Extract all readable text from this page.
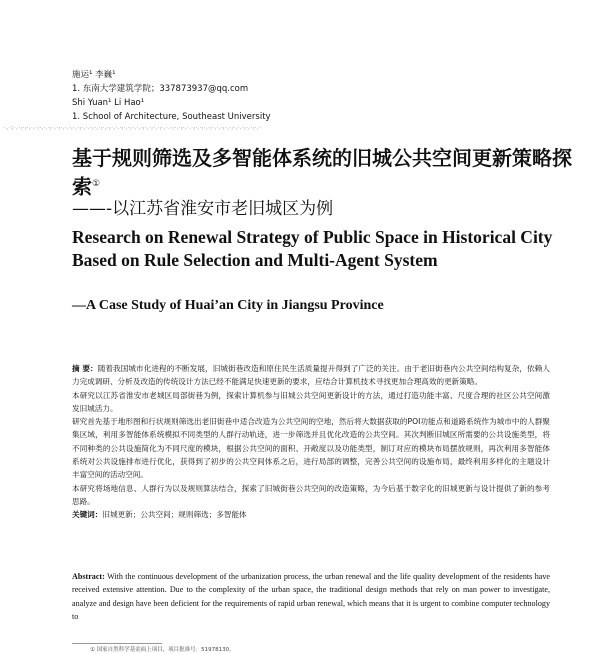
施运¹ 李巍¹
1. 东南大学建筑学院；337873937@qq.com
Shi Yuan¹ Li Hao¹
1. School of Architecture, Southeast University
·、·；·,·;·;·,·.·;·,·,·;·,·;·,·.·;·,·;·,·.·;·,·;·,·;·,·.·;·,·;·,·.·;·,·;·,·;·,·.·;·,·;·,·.·;·,·;·,·;·,·.·;·,·;·,·.·;·,·;·,·
基于规则筛选及多智能体系统的旧城公共空间更新策略探索①
——-以江苏省淮安市老旧城区为例
Research on Renewal Strategy of Public Space in Historical City Based on Rule Selection and Multi-Agent System
—A Case Study of Huai’an City in Jiangsu Province

摘 要：随着我国城市化进程的不断发展，旧城街巷改造和原住民生活质量提升得到了广泛的关注。由于老旧街巷内公共空间结构复杂，依赖人力完成调研、分析及改造的传统设计方法已经不能满足快速更新的要求，应结合计算机技术寻找更加合理高效的更新策略。

本研究以江苏省淮安市老城区局部街巷为例，探索计算机参与旧城公共空间更新设计的方法，通过打造功能丰富、尺度合理的社区公共空间激发旧城活力。

研究首先基于地形图和行状规则筛选出老旧街巷中适合改造为公共空间的空地，然后将大数据获取的POI功能点和道路系统作为城市中的人群聚集区域，利用多智能体系统模拟不同类型的人群行动轨迹，进一步筛选并且优化改造的公共空间。其次判断旧城区所需要的公共设施类型，将不同种类的公共设施简化为不同尺度的模块，根据公共空间的面积、开敞度以及功能类型，制订对应的模块布局摆放规则，再次利用多智能体系统对公共设施排布进行优化，获得到了初步的公共空间体系之后，进行局部的调整，完善公共空间的设施布局，最终利用多样化的主题设计丰富空间的活动空间。

本研究将场地信息、人群行为以及规则算法结合，探索了旧城街巷公共空间的改造策略，为今后基于数字化的旧城更新与设计提供了新的参考思路。

关键词：旧城更新；公共空间；规则筛选；多智能体

Abstract: With the continuous development of the urbanization process, the urban renewal and the life quality development of the residents have received extensive attention. Due to the complexity of the urban space, the traditional design methods that rely on man power to investigate, analyze and design have been deficient for the requirements of rapid urban renewal, which means that it is urgent to combine computer technology to
① 国家自然科学基金面上项目，项目批准号：51978130。
